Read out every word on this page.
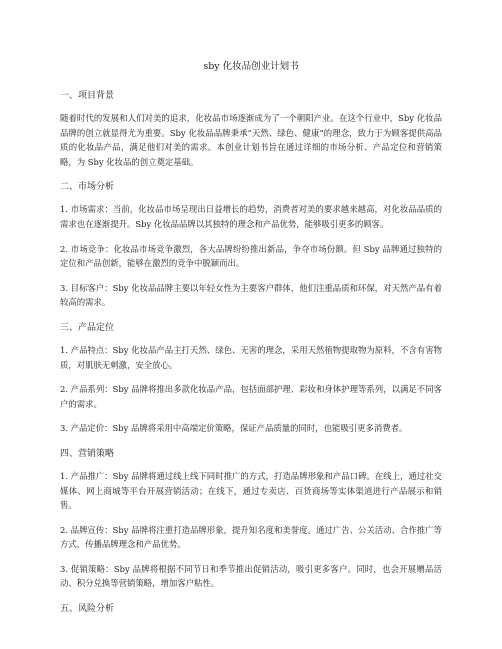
sby 化妆品创业计划书
一、项目背景

随着时代的发展和人们对美的追求，化妆品市场逐渐成为了一个朝阳产业。在这个行业中，Sby 化妆品品牌的创立就显得尤为重要。Sby 化妆品品牌秉承“天然、绿色、健康”的理念，致力于为顾客提供高品质的化妆品产品，满足他们对美的需求。本创业计划书旨在通过详细的市场分析、产品定位和营销策略，为 Sby 化妆品的创立奠定基础。

二、市场分析

1. 市场需求：当前，化妆品市场呈现出日益增长的趋势，消费者对美的要求越来越高，对化妆品品质的需求也在逐渐提升。Sby 化妆品品牌以其独特的理念和产品优势，能够吸引更多的顾客。

2. 市场竞争：化妆品市场竞争激烈，各大品牌纷纷推出新品，争夺市场份额。但 Sby 品牌通过独特的定位和产品创新，能够在激烈的竞争中脱颖而出。

3. 目标客户：Sby 化妆品品牌主要以年轻女性为主要客户群体，他们注重品质和环保，对天然产品有着较高的需求。

三、产品定位

1. 产品特点：Sby 化妆品产品主打天然、绿色、无害的理念，采用天然植物提取物为原料，不含有害物质，对肌肤无刺激，安全放心。

2. 产品系列：Sby 品牌将推出多款化妆品产品，包括面部护理、彩妆和身体护理等系列，以满足不同客户的需求。

3. 产品定价：Sby 品牌将采用中高端定价策略，保证产品质量的同时，也能吸引更多消费者。

四、营销策略

1. 产品推广：Sby 品牌将通过线上线下同时推广的方式，打造品牌形象和产品口碑。在线上，通过社交媒体、网上商城等平台开展营销活动；在线下，通过专卖店、百货商场等实体渠道进行产品展示和销售。

2. 品牌宣传：Sby 品牌将注重打造品牌形象，提升知名度和美誉度。通过广告、公关活动、合作推广等方式，传播品牌理念和产品优势。

3. 促销策略：Sby 品牌将根据不同节日和季节推出促销活动，吸引更多客户。同时，也会开展赠品活动、积分兑换等营销策略，增加客户粘性。

五、风险分析
